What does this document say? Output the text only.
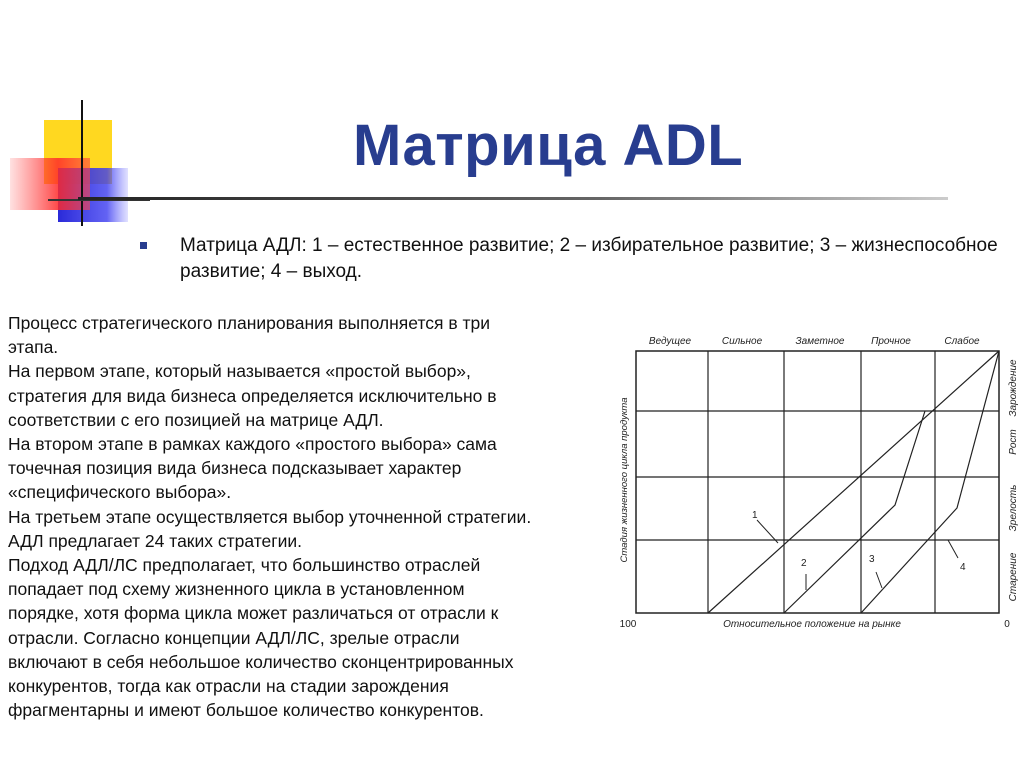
Матрица ADL
Матрица АДЛ: 1 – естественное развитие; 2 – избирательное развитие; 3 – жизнеспособное развитие; 4 – выход.
Процесс стратегического планирования выполняется в три
этапа.
На первом этапе, который называется «простой выбор»,
стратегия для вида бизнеса определяется исключительно в
соответствии с его позицией на матрице АДЛ.
На втором этапе в рамках каждого «простого выбора» сама
точечная позиция вида бизнеса подсказывает характер
«специфического выбора».
На третьем этапе осуществляется выбор уточненной стратегии.
АДЛ предлагает 24 таких стратегии.
Подход АДЛ/ЛС предполагает, что большинство отраслей
попадает под схему жизненного цикла в установленном
порядке, хотя форма цикла может различаться от отрасли к
отрасли. Согласно концепции АДЛ/ЛС, зрелые отрасли
включают в себя небольшое количество сконцентрированных
конкурентов, тогда как отрасли на стадии зарождения
фрагментарны и имеют большое количество конкурентов.
Ведущее	Сильное	Заметное	Прочное	Слабое
Зарождение
Рост
Зрелость
Старение
Стадия жизненного цикла продукта
100	Относительное положение на рынке	0
1
2	3
4
